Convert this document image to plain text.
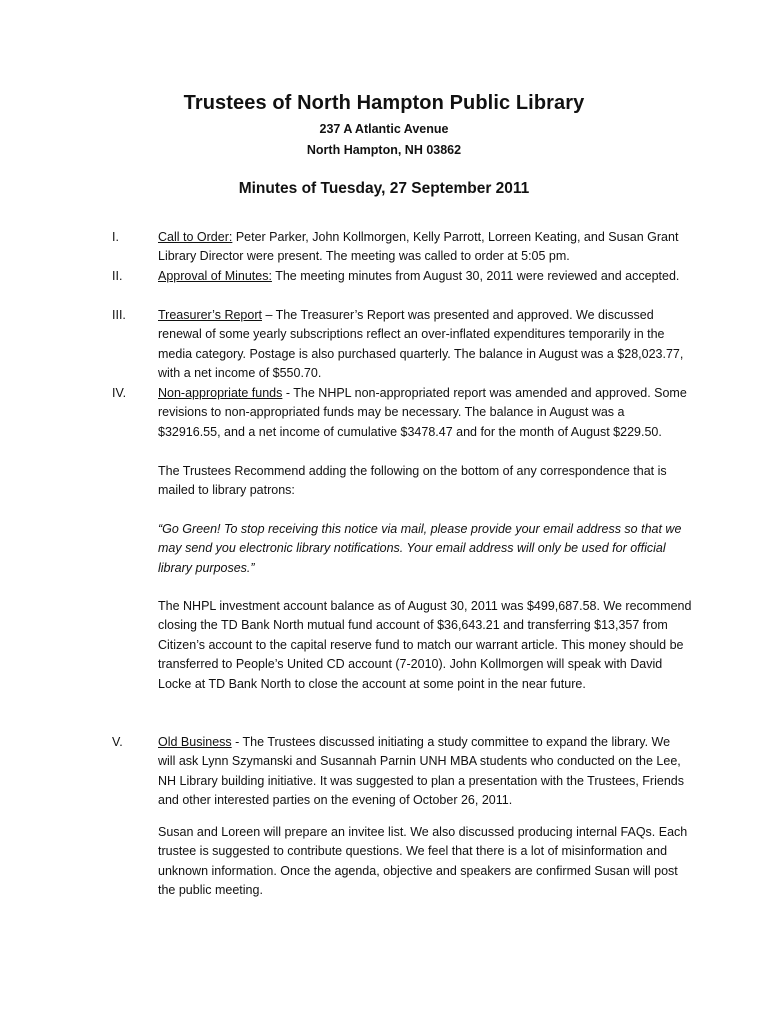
Trustees of North Hampton Public Library
237 A Atlantic Avenue
North Hampton, NH 03862
Minutes of Tuesday, 27 September 2011
I.	Call to Order: Peter Parker, John Kollmorgen, Kelly Parrott, Lorreen Keating, and Susan Grant Library Director were present. The meeting was called to order at 5:05 pm.
II.	Approval of Minutes: The meeting minutes from August 30, 2011 were reviewed and accepted.
III.	Treasurer’s Report – The Treasurer’s Report was presented and approved. We discussed renewal of some yearly subscriptions reflect an over-inflated expenditures temporarily in the media category. Postage is also purchased quarterly. The balance in August was a $28,023.77, with a net income of $550.70.
IV.	Non-appropriate funds - The NHPL non-appropriated report was amended and approved. Some revisions to non-appropriated funds may be necessary. The balance in August was a $32916.55, and a net income of cumulative $3478.47 and for the month of August $229.50.
The Trustees Recommend adding the following on the bottom of any correspondence that is mailed to library patrons:
“Go Green! To stop receiving this notice via mail, please provide your email address so that we may send you electronic library notifications. Your email address will only be used for official library purposes.”
The NHPL investment account balance as of August 30, 2011 was $499,687.58. We recommend closing the TD Bank North mutual fund account of $36,643.21 and transferring $13,357 from Citizen’s account to the capital reserve fund to match our warrant article. This money should be transferred to People’s United CD account (7-2010). John Kollmorgen will speak with David Locke at TD Bank North to close the account at some point in the near future.
V.	Old Business - The Trustees discussed initiating a study committee to expand the library. We will ask Lynn Szymanski and Susannah Parnin UNH MBA students who conducted on the Lee, NH Library building initiative. It was suggested to plan a presentation with the Trustees, Friends and other interested parties on the evening of October 26, 2011.
Susan and Loreen will prepare an invitee list. We also discussed producing internal FAQs. Each trustee is suggested to contribute questions. We feel that there is a lot of misinformation and unknown information. Once the agenda, objective and speakers are confirmed Susan will post the public meeting.
